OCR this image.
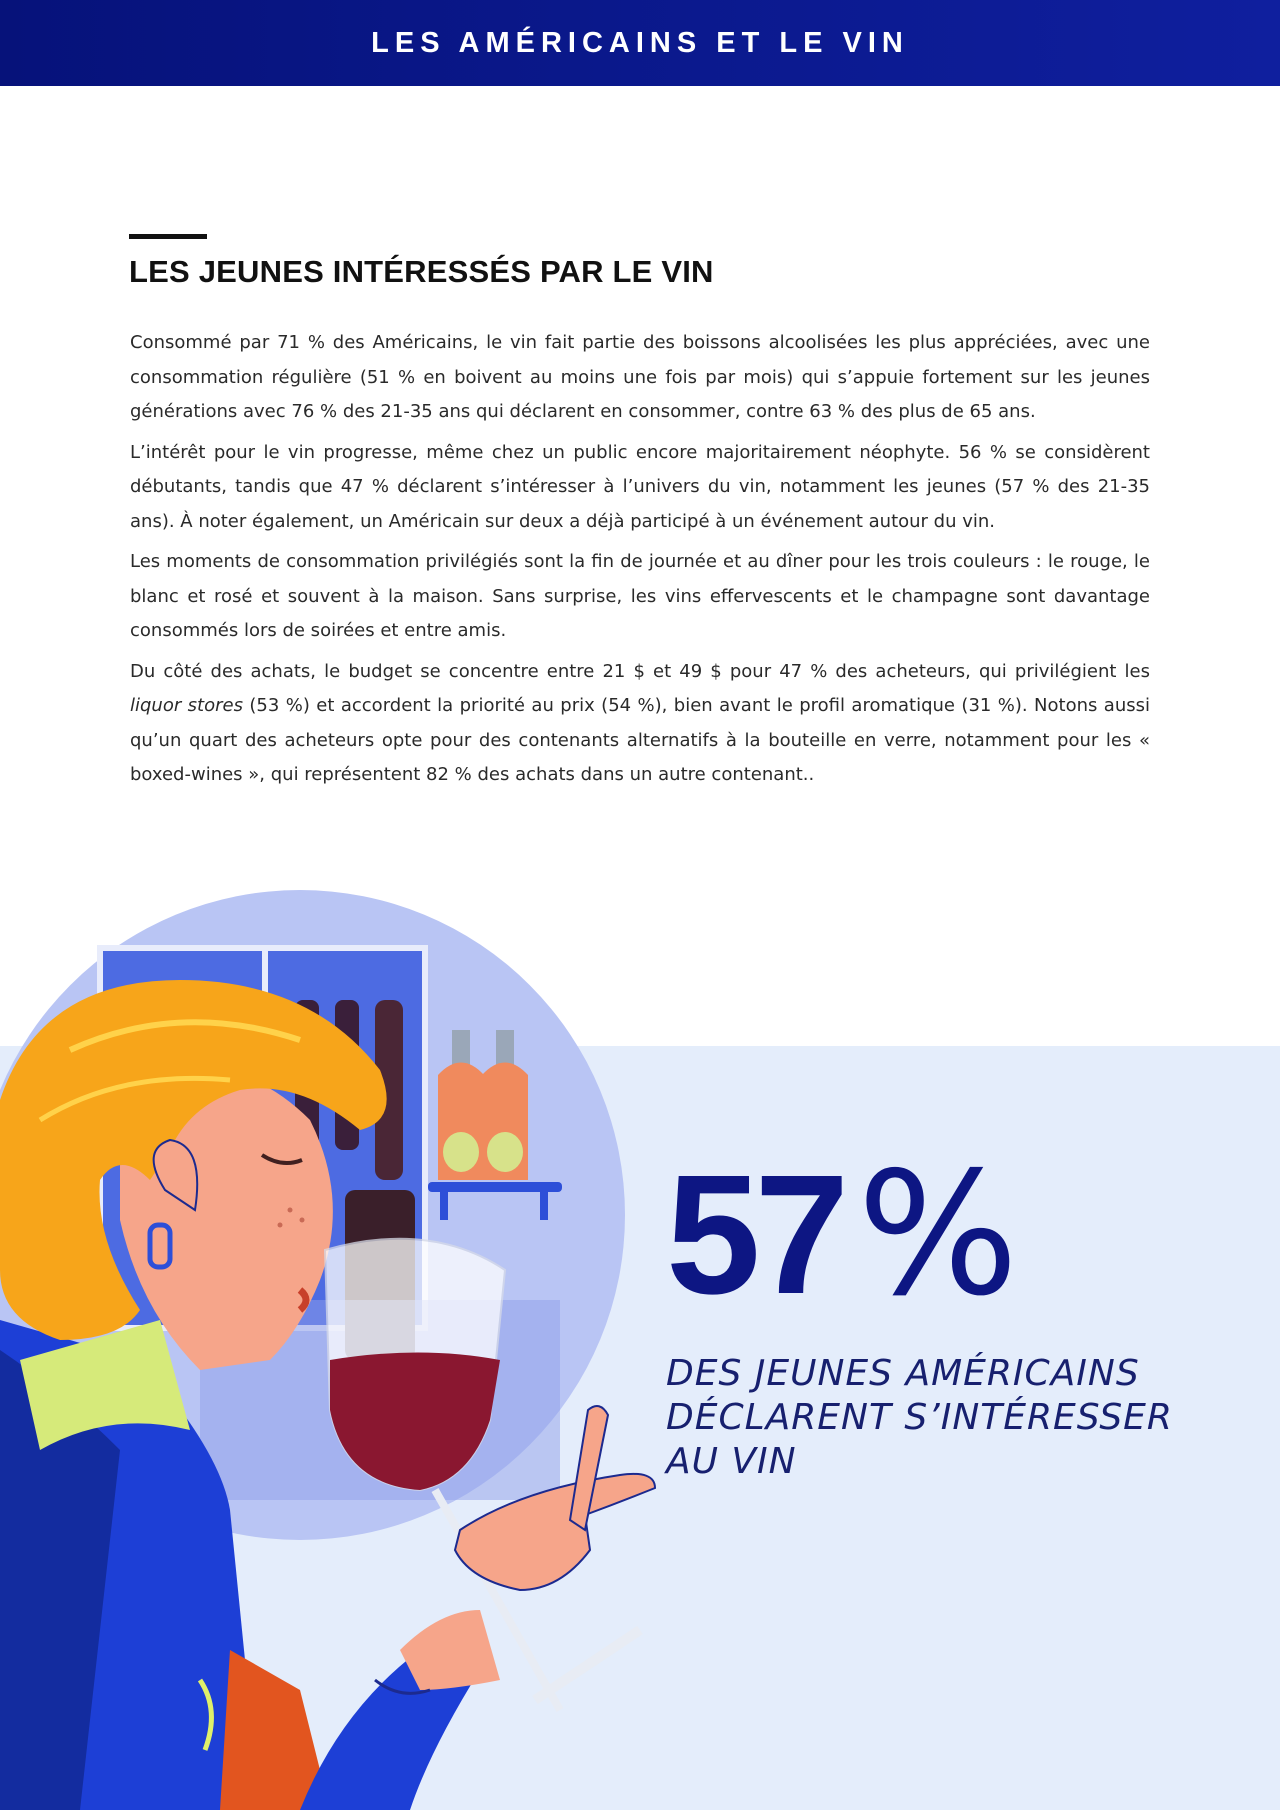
LES AMÉRICAINS ET LE VIN
LES JEUNES INTÉRESSÉS PAR LE VIN

Consommé par 71 % des Américains, le vin fait partie des boissons alcoolisées les plus appréciées, avec une consommation régulière (51 % en boivent au moins une fois par mois) qui s’appuie fortement sur les jeunes générations avec 76 % des 21-35 ans qui déclarent en consommer, contre 63 % des plus de 65 ans.

L’intérêt pour le vin progresse, même chez un public encore majoritairement néophyte. 56 % se considèrent débutants, tandis que 47 % déclarent s’intéresser à l’univers du vin, notamment les jeunes (57 % des 21-35 ans). À noter également, un Américain sur deux a déjà participé à un événement autour du vin.

Les moments de consommation privilégiés sont la fin de journée et au dîner pour les trois couleurs : le rouge, le blanc et rosé et souvent à la maison. Sans surprise, les vins effervescents et le champagne sont davantage consommés lors de soirées et entre amis.

Du côté des achats, le budget se concentre entre 21 $ et 49 $ pour 47 % des acheteurs, qui privilégient les liquor stores (53 %) et accordent la priorité au prix (54 %), bien avant le profil aromatique (31 %). Notons aussi qu’un quart des acheteurs opte pour des contenants alternatifs à la bouteille en verre, notamment pour les « boxed-wines », qui représentent 82 % des achats dans un autre contenant..

57 %
DES JEUNES AMÉRICAINS
DÉCLARENT S’INTÉRESSER
AU VIN
